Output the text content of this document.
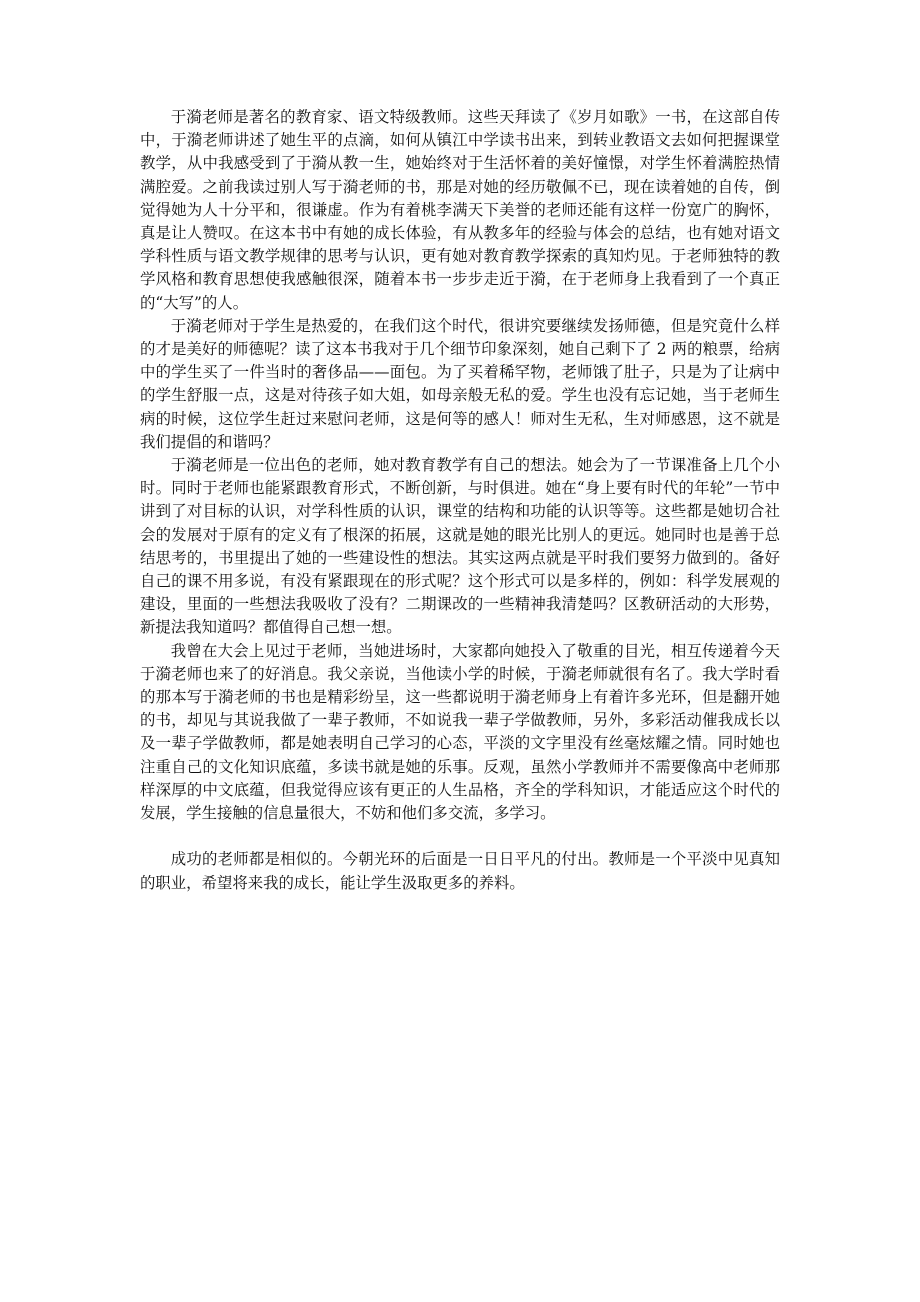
于漪老师是著名的教育家、语文特级教师。这些天拜读了《岁月如歌》一书，在这部自传中，于漪老师讲述了她生平的点滴，如何从镇江中学读书出来，到转业教语文去如何把握课堂教学，从中我感受到了于漪从教一生，她始终对于生活怀着的美好憧憬，对学生怀着满腔热情满腔爱。之前我读过别人写于漪老师的书，那是对她的经历敬佩不已，现在读着她的自传，倒觉得她为人十分平和，很谦虚。作为有着桃李满天下美誉的老师还能有这样一份宽广的胸怀，真是让人赞叹。在这本书中有她的成长体验，有从教多年的经验与体会的总结，也有她对语文学科性质与语文教学规律的思考与认识，更有她对教育教学探索的真知灼见。于老师独特的教学风格和教育思想使我感触很深，随着本书一步步走近于漪，在于老师身上我看到了一个真正的“大写”的人。

于漪老师对于学生是热爱的，在我们这个时代，很讲究要继续发扬师德，但是究竟什么样的才是美好的师德呢？读了这本书我对于几个细节印象深刻，她自己剩下了 2 两的粮票，给病中的学生买了一件当时的奢侈品——面包。为了买着稀罕物，老师饿了肚子，只是为了让病中的学生舒服一点，这是对待孩子如大姐，如母亲般无私的爱。学生也没有忘记她，当于老师生病的时候，这位学生赶过来慰问老师，这是何等的感人！师对生无私，生对师感恩，这不就是我们提倡的和谐吗？

于漪老师是一位出色的老师，她对教育教学有自己的想法。她会为了一节课准备上几个小时。同时于老师也能紧跟教育形式，不断创新，与时俱进。她在“身上要有时代的年轮”一节中讲到了对目标的认识，对学科性质的认识，课堂的结构和功能的认识等等。这些都是她切合社会的发展对于原有的定义有了根深的拓展，这就是她的眼光比别人的更远。她同时也是善于总结思考的，书里提出了她的一些建设性的想法。其实这两点就是平时我们要努力做到的。备好自己的课不用多说，有没有紧跟现在的形式呢？这个形式可以是多样的，例如：科学发展观的建设，里面的一些想法我吸收了没有？二期课改的一些精神我清楚吗？区教研活动的大形势，新提法我知道吗？都值得自己想一想。

我曾在大会上见过于老师，当她进场时，大家都向她投入了敬重的目光，相互传递着今天于漪老师也来了的好消息。我父亲说，当他读小学的时候，于漪老师就很有名了。我大学时看的那本写于漪老师的书也是精彩纷呈，这一些都说明于漪老师身上有着许多光环，但是翻开她的书，却见与其说我做了一辈子教师，不如说我一辈子学做教师，另外，多彩活动催我成长以及一辈子学做教师，都是她表明自己学习的心态，平淡的文字里没有丝毫炫耀之情。同时她也注重自己的文化知识底蕴，多读书就是她的乐事。反观，虽然小学教师并不需要像高中老师那样深厚的中文底蕴，但我觉得应该有更正的人生品格，齐全的学科知识，才能适应这个时代的发展，学生接触的信息量很大，不妨和他们多交流，多学习。

成功的老师都是相似的。今朝光环的后面是一日日平凡的付出。教师是一个平淡中见真知的职业，希望将来我的成长，能让学生汲取更多的养料。
